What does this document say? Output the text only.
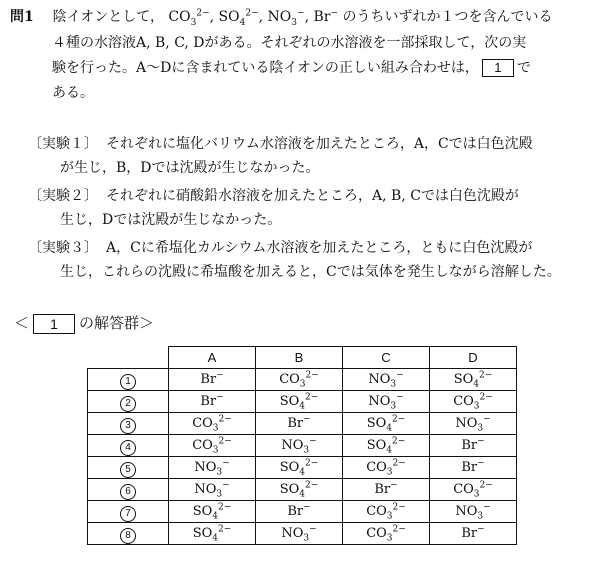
問1 陰イオンとして， $CO_3^{2-}$, $SO_4^{2-}$, $NO_3^-$, Br− のうちいずれか１つを含んでいる
４種の水溶液A, B, C, Dがある。それぞれの水溶液を一部採取して，次の実
験を行った。A～Dに含まれている陰イオンの正しい組み合わせは， 1 で
ある。
〔実験１〕 それぞれに塩化バリウム水溶液を加えたところ，A，Cでは白色沈殿
が生じ，B，Dでは沈殿が生じなかった。
〔実験２〕 それぞれに硝酸鉛水溶液を加えたところ，A, B, Cでは白色沈殿が
生じ，Dでは沈殿が生じなかった。
〔実験３〕 A，Cに希塩化カルシウム水溶液を加えたところ，ともに白色沈殿が
生じ，これらの沈殿に希塩酸を加えると，Cでは気体を発生しながら溶解した。
＜ 1 の解答群＞
	A	B	C	D
1	Br−	$CO_3^{2-}$	$NO_3^-$	$SO_4^{2-}$
2	Br−	$SO_4^{2-}$	$NO_3^-$	$CO_3^{2-}$
3	$CO_3^{2-}$	Br−	$SO_4^{2-}$	$NO_3^-$
4	$CO_3^{2-}$	$NO_3^-$	$SO_4^{2-}$	Br−
5	$NO_3^-$	$SO_4^{2-}$	$CO_3^{2-}$	Br−
6	$NO_3^-$	$SO_4^{2-}$	Br−	$CO_3^{2-}$
7	$SO_4^{2-}$	Br−	$CO_3^{2-}$	$NO_3^-$
8	$SO_4^{2-}$	$NO_3^-$	$CO_3^{2-}$	Br−
